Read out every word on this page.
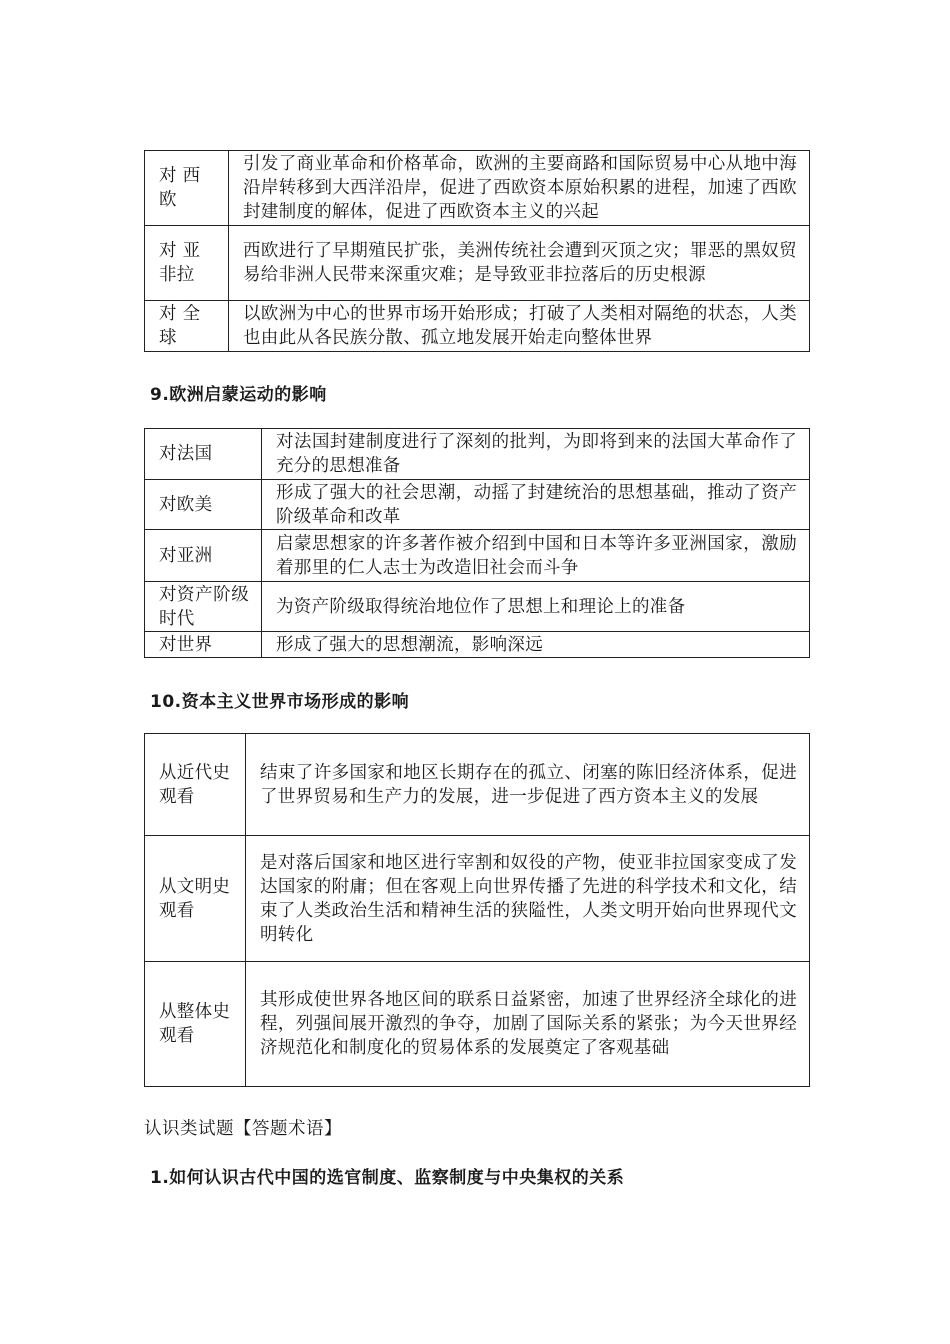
对 西 欧	引发了商业革命和价格革命，欧洲的主要商路和国际贸易中心从地中海沿岸转移到大西洋沿岸，促进了西欧资本原始积累的进程，加速了西欧封建制度的解体，促进了西欧资本主义的兴起
对 亚 非拉	西欧进行了早期殖民扩张，美洲传统社会遭到灭顶之灾；罪恶的黑奴贸易给非洲人民带来深重灾难；是导致亚非拉落后的历史根源
对 全 球	以欧洲为中心的世界市场开始形成；打破了人类相对隔绝的状态，人类也由此从各民族分散、孤立地发展开始走向整体世界
9.欧洲启蒙运动的影响
对法国	对法国封建制度进行了深刻的批判，为即将到来的法国大革命作了充分的思想准备
对欧美	形成了强大的社会思潮，动摇了封建统治的思想基础，推动了资产阶级革命和改革
对亚洲	启蒙思想家的许多著作被介绍到中国和日本等许多亚洲国家，激励着那里的仁人志士为改造旧社会而斗争
对资产阶级时代	为资产阶级取得统治地位作了思想上和理论上的准备
对世界	形成了强大的思想潮流，影响深远
10.资本主义世界市场形成的影响
从近代史观看	结束了许多国家和地区长期存在的孤立、闭塞的陈旧经济体系，促进了世界贸易和生产力的发展，进一步促进了西方资本主义的发展
从文明史观看	是对落后国家和地区进行宰割和奴役的产物，使亚非拉国家变成了发达国家的附庸；但在客观上向世界传播了先进的科学技术和文化，结束了人类政治生活和精神生活的狭隘性，人类文明开始向世界现代文明转化
从整体史观看	其形成使世界各地区间的联系日益紧密，加速了世界经济全球化的进程，列强间展开激烈的争夺，加剧了国际关系的紧张；为今天世界经济规范化和制度化的贸易体系的发展奠定了客观基础
认识类试题【答题术语】
1.如何认识古代中国的选官制度、监察制度与中央集权的关系
